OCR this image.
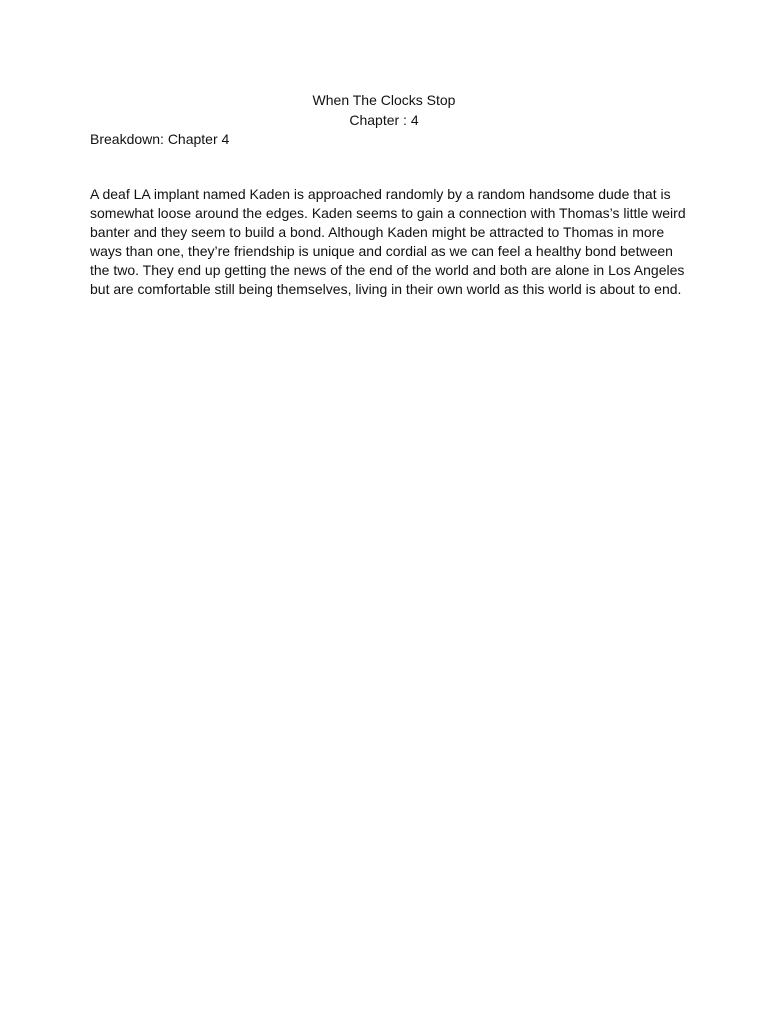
When The Clocks Stop
Chapter : 4
Breakdown: Chapter 4
A deaf LA implant named Kaden is approached randomly by a random handsome dude that is
somewhat loose around the edges. Kaden seems to gain a connection with Thomas’s little weird
banter and they seem to build a bond. Although Kaden might be attracted to Thomas in more
ways than one, they’re friendship is unique and cordial as we can feel a healthy bond between
the two. They end up getting the news of the end of the world and both are alone in Los Angeles
but are comfortable still being themselves, living in their own world as this world is about to end.
